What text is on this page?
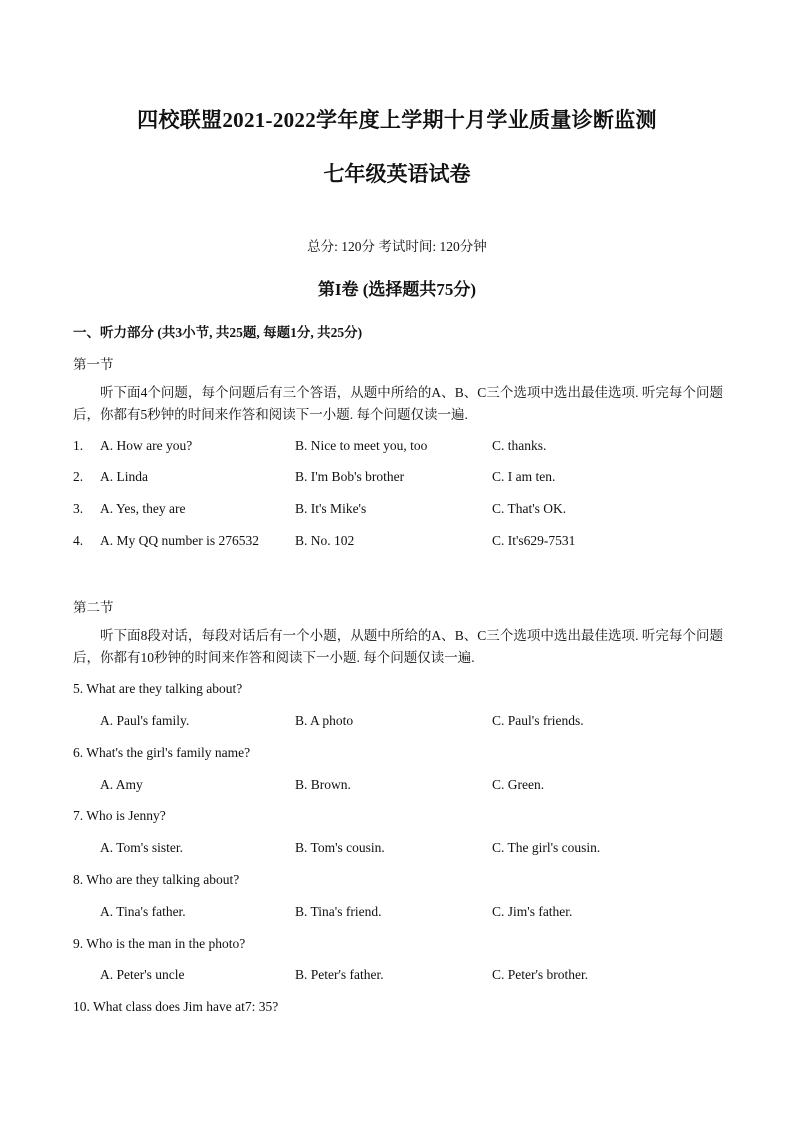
四校联盟2021-2022学年度上学期十月学业质量诊断监测
七年级英语试卷
总分: 120分 考试时间: 120分钟
第I卷 (选择题共75分)
一、听力部分 (共3小节, 共25题, 每题1分, 共25分)
第一节
听下面4个问题，每个问题后有三个答语，从题中所给的A、B、C三个选项中选出最佳选项. 听完每个问题后，你都有5秒钟的时间来作答和阅读下一小题. 每个问题仅读一遍.
1. A. How are you?	B. Nice to meet you, too	C. thanks.
2. A. Linda	B. I'm Bob's brother	C. I am ten.
3. A. Yes, they are	B. It's Mike's	C. That's OK.
4. A. My QQ number is 276532	B. No. 102	C. It's629-7531
第二节
听下面8段对话，每段对话后有一个小题，从题中所给的A、B、C三个选项中选出最佳选项. 听完每个问题后，你都有10秒钟的时间来作答和阅读下一小题. 每个问题仅读一遍.
5. What are they talking about?
A. Paul's family.	B. A photo	C. Paul's friends.
6. What's the girl's family name?
A. Amy	B. Brown.	C. Green.
7. Who is Jenny?
A. Tom's sister.	B. Tom's cousin.	C. The girl's cousin.
8. Who are they talking about?
A. Tina's father.	B. Tina's friend.	C. Jim's father.
9. Who is the man in the photo?
A. Peter's uncle	B. Peter's father.	C. Peter's brother.
10. What class does Jim have at7: 35?
